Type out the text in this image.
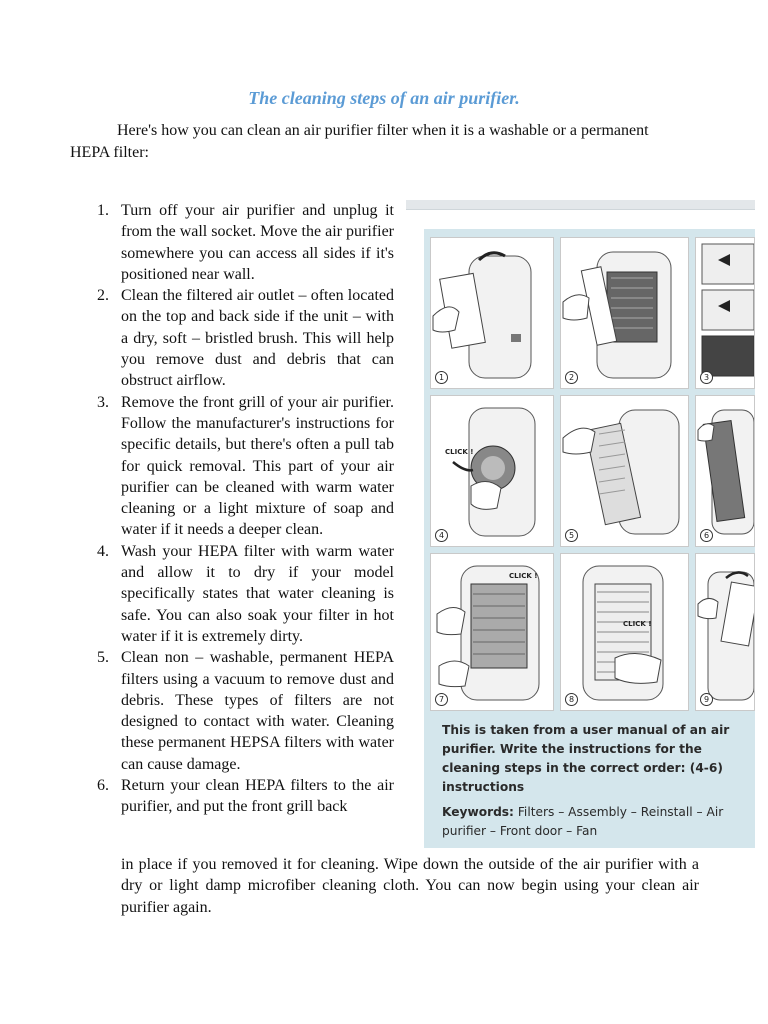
The cleaning steps of an air purifier.
Here's how you can clean an air purifier filter when it is a washable or a permanent HEPA filter:
1. Turn off your air purifier and unplug it from the wall socket. Move the air purifier somewhere you can access all sides if it's positioned near wall.
2. Clean the filtered air outlet – often located on the top and back side if the unit – with a dry, soft – bristled brush. This will help you remove dust and debris that can obstruct airflow.
3. Remove the front grill of your air purifier. Follow the manufacturer's instructions for specific details, but there's often a pull tab for quick removal. This part of your air purifier can be cleaned with warm water cleaning or a light mixture of soap and water if it needs a deeper clean.
4. Wash your HEPA filter with warm water and allow it to dry if your model specifically states that water cleaning is safe. You can also soak your filter in hot water if it is extremely dirty.
5. Clean non – washable, permanent HEPA filters using a vacuum to remove dust and debris. These types of filters are not designed to contact with water. Cleaning these permanent HEPSA filters with water can cause damage.
6. Return your clean HEPA filters to the air purifier, and put the front grill back
in place if you removed it for cleaning. Wipe down the outside of the air purifier with a dry or light damp microfiber cleaning cloth. You can now begin using your clean air purifier again.
1	2	3
CLICK !
4	5	6
CLICK !
7
CLICK !
8	9

This is taken from a user manual of an air purifier. Write the instructions for the cleaning steps in the correct order: (4-6) instructions

Keywords: Filters – Assembly – Reinstall – Air purifier – Front door – Fan
